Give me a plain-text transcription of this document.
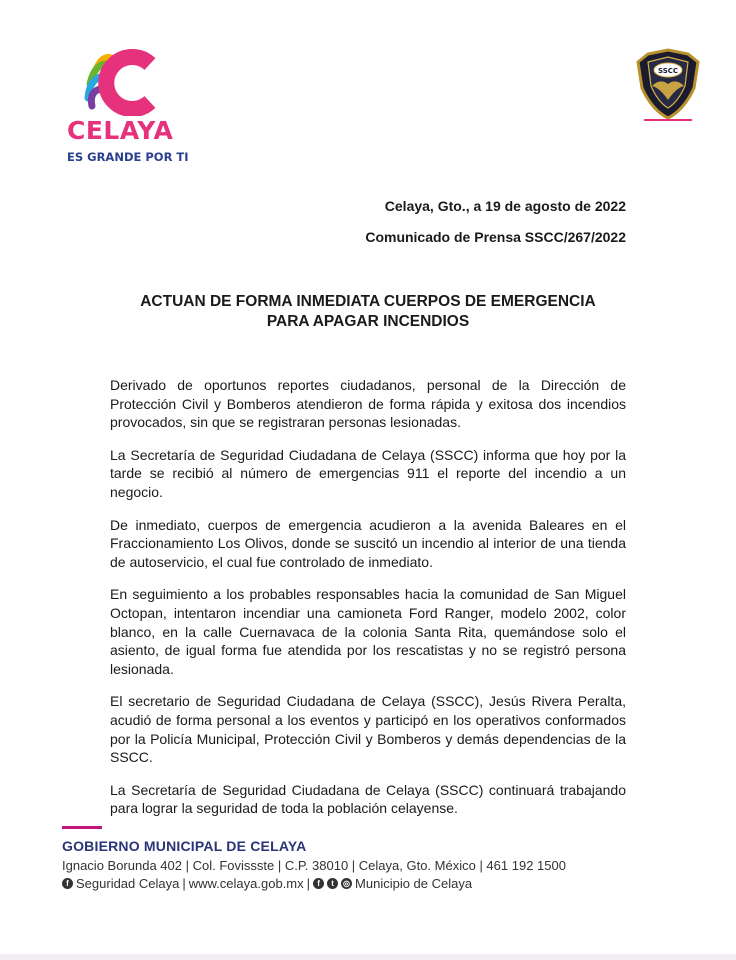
CELAYA
ES GRANDE POR TI
SSCC
Celaya, Gto., a 19 de agosto de 2022
Comunicado de Prensa SSCC/267/2022
ACTUAN DE FORMA INMEDIATA CUERPOS DE EMERGENCIA
PARA APAGAR INCENDIOS

Derivado de oportunos reportes ciudadanos, personal de la Dirección de Protección Civil y Bomberos atendieron de forma rápida y exitosa dos incendios provocados, sin que se registraran personas lesionadas.

La Secretaría de Seguridad Ciudadana de Celaya (SSCC) informa que hoy por la tarde se recibió al número de emergencias 911 el reporte del incendio a un negocio.

De inmediato, cuerpos de emergencia acudieron a la avenida Baleares en el Fraccionamiento Los Olivos, donde se suscitó un incendio al interior de una tienda de autoservicio, el cual fue controlado de inmediato.

En seguimiento a los probables responsables hacia la comunidad de San Miguel Octopan, intentaron incendiar una camioneta Ford Ranger, modelo 2002, color blanco, en la calle Cuernavaca de la colonia Santa Rita, quemándose solo el asiento, de igual forma fue atendida por los rescatistas y no se registró persona lesionada.

El secretario de Seguridad Ciudadana de Celaya (SSCC), Jesús Rivera Peralta, acudió de forma personal a los eventos y participó en los operativos conformados por la Policía Municipal, Protección Civil y Bomberos y demás dependencias de la SSCC.

La Secretaría de Seguridad Ciudadana de Celaya (SSCC) continuará trabajando para lograr la seguridad de toda la población celayense.

GOBIERNO MUNICIPAL DE CELAYA
Ignacio Borunda 402 | Col. Fovissste | C.P. 38010 | Celaya, Gto. México | 461 192 1500
f Seguridad Celaya | www.celaya.gob.mx | f	t	◎ Municipio de Celaya
